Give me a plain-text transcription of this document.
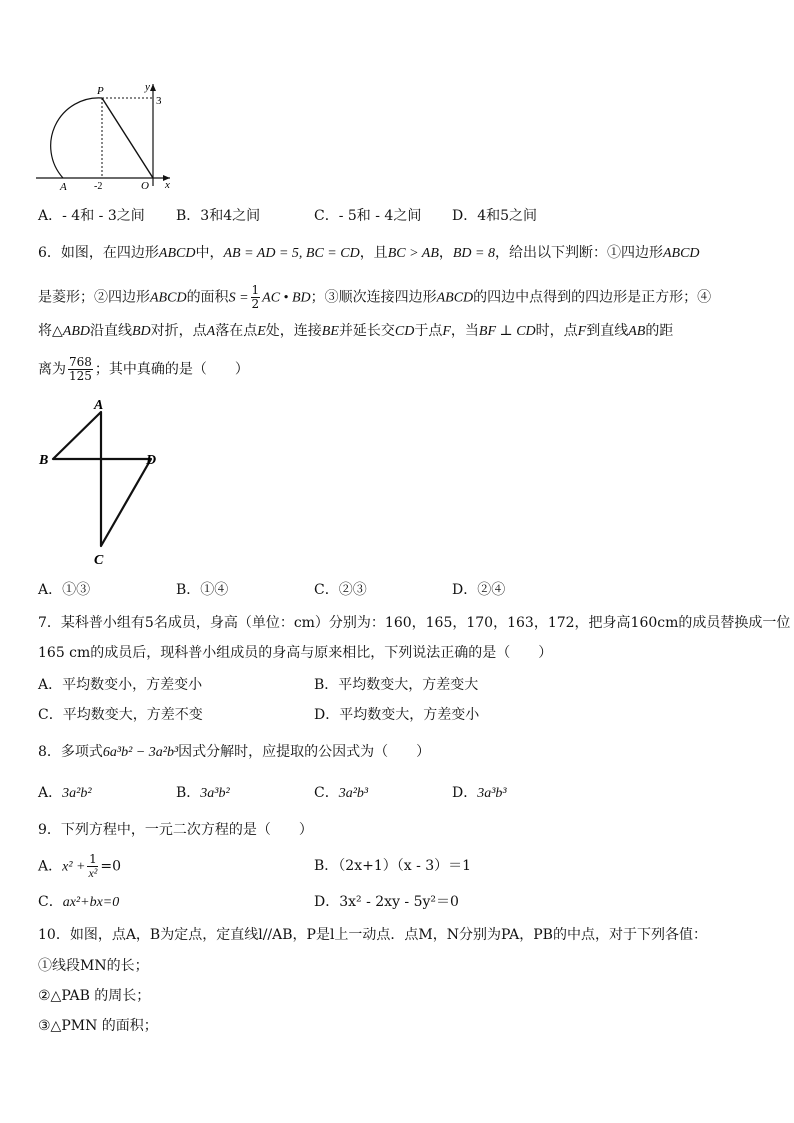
P
A	-2	O x
y
3
A．- 4和 - 3之间 B．3和4之间	C．- 5和 - 4之间 D．4和5之间
6．如图，在四边形ABCD中，AB = AD = 5, BC = CD，且BC > AB，BD = 8，给出以下判断：①四边形ABCD
是菱形；②四边形ABCD的面积$S = \frac{1}{2}$ AC • BD；③顺次连接四边形ABCD的四边中点得到的四边形是正方形；④
将△ABD沿直线BD对折，点A落在点E处，连接BE并延长交CD于点F，当BF ⊥ CD时，点F到直线AB的距
离为 $\frac{768}{125}$ ；其中真确的是（　　）
A
B	D
C
A．①③	B．①④	C．②③	D．②④
7．某科普小组有5名成员，身高（单位：cm）分别为：160，165，170，163，172，把身高160cm的成员替换成一位
165 cm的成员后，现科普小组成员的身高与原来相比，下列说法正确的是（　　）
A．平均数变小，方差变小	B．平均数变大，方差变大
C．平均数变大，方差不变	D．平均数变大，方差变小
8．多项式6a³b² − 3a²b³因式分解时，应提取的公因式为（　　）
A．3a²b²	B．3a³b²	C．3a²b³	D．3a³b³
9．下列方程中，一元二次方程的是（　　）
A．$x^2 + \frac{1}{\text{x²}} =0$	B．（2x+1）（x - 3）＝1
C．ax²+bx=0	D．3x² - 2xy - 5y²＝0
10．如图，点A，B为定点，定直线l//AB，P是l上一动点．点M，N分别为PA，PB的中点，对于下列各值：
①线段MN的长；
②△PAB 的周长；
③△PMN 的面积；
